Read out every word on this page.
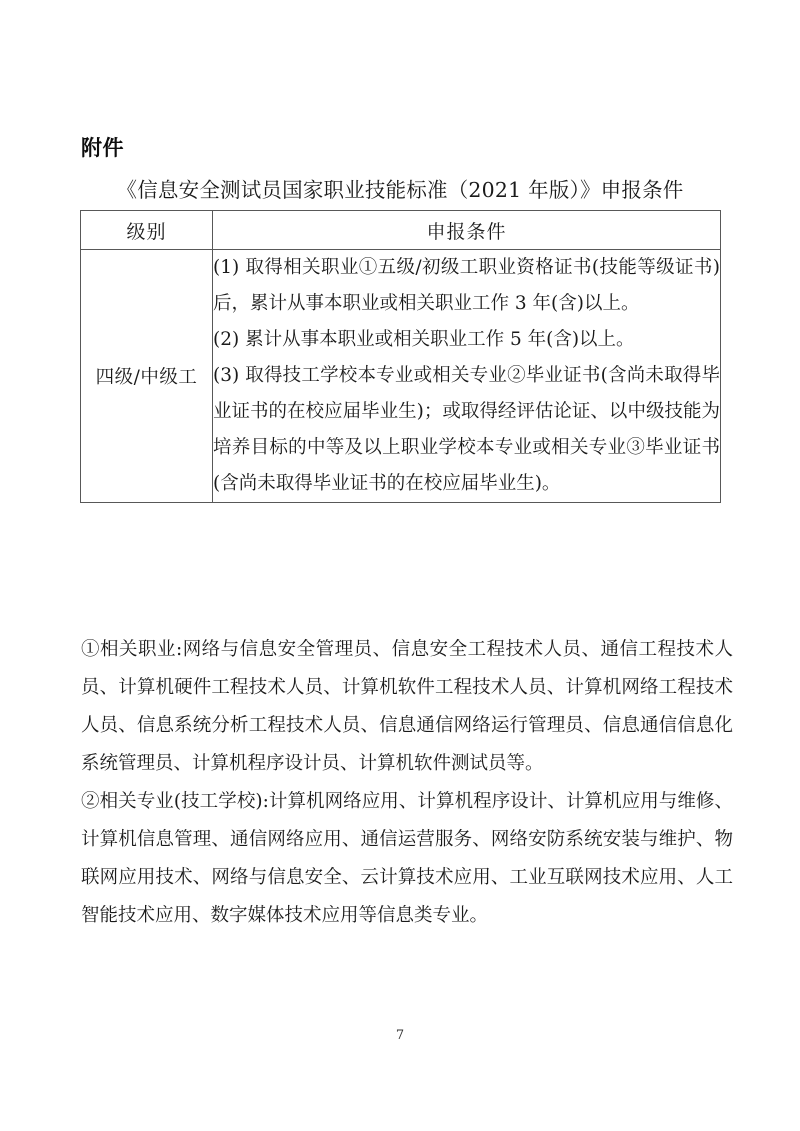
附件
《信息安全测试员国家职业技能标准（2021 年版）》申报条件
级别	申报条件
四级/中级工	(1) 取得相关职业①五级/初级工职业资格证书(技能等级证书)后，累计从事本职业或相关职业工作 3 年(含)以上。

(2) 累计从事本职业或相关职业工作 5 年(含)以上。

(3) 取得技工学校本专业或相关专业②毕业证书(含尚未取得毕业证书的在校应届毕业生)；或取得经评估论证、以中级技能为培养目标的中等及以上职业学校本专业或相关专业③毕业证书(含尚未取得毕业证书的在校应届毕业生)。

①相关职业:网络与信息安全管理员、信息安全工程技术人员、通信工程技术人员、计算机硬件工程技术人员、计算机软件工程技术人员、计算机网络工程技术人员、信息系统分析工程技术人员、信息通信网络运行管理员、信息通信信息化系统管理员、计算机程序设计员、计算机软件测试员等。

②相关专业(技工学校):计算机网络应用、计算机程序设计、计算机应用与维修、计算机信息管理、通信网络应用、通信运营服务、网络安防系统安装与维护、物联网应用技术、网络与信息安全、云计算技术应用、工业互联网技术应用、人工智能技术应用、数字媒体技术应用等信息类专业。

7
